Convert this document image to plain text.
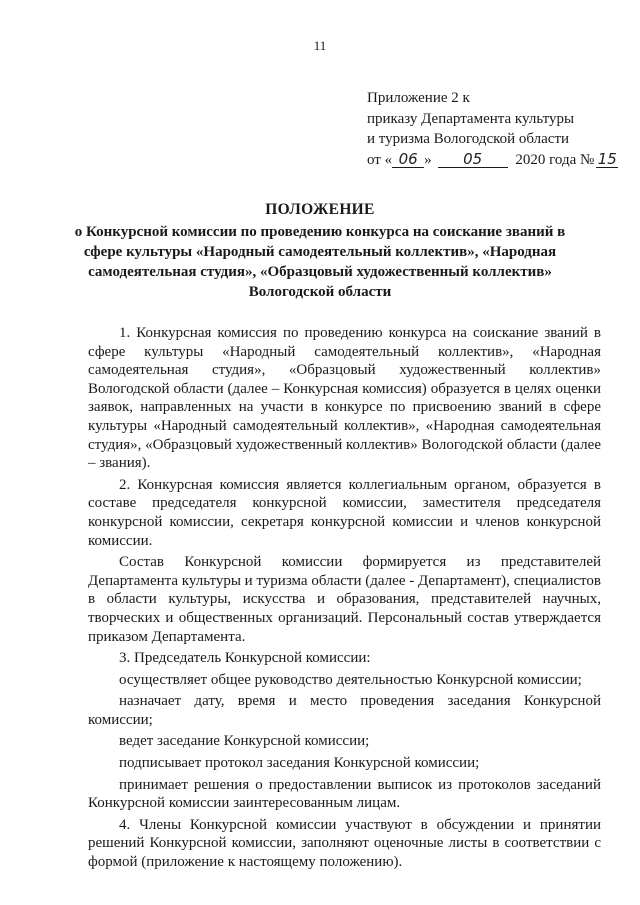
11
Приложение 2 к
приказу Департамента культуры
и туризма Вологодской области
от « 06 » 05 2020 года № 15
ПОЛОЖЕНИЕ
о Конкурсной комиссии по проведению конкурса на соискание званий в
сфере культуры «Народный самодеятельный коллектив», «Народная
самодеятельная студия», «Образцовый художественный коллектив»
Вологодской области

1. Конкурсная комиссия по проведению конкурса на соискание званий в сфере культуры «Народный самодеятельный коллектив», «Народная самодеятельная студия», «Образцовый художественный коллектив» Вологодской области (далее – Конкурсная комиссия) образуется в целях оценки заявок, направленных на участи в конкурсе по присвоению званий в сфере культуры «Народный самодеятельный коллектив», «Народная самодеятельная студия», «Образцовый художественный коллектив» Вологодской области (далее – звания).

2. Конкурсная комиссия является коллегиальным органом, образуется в составе председателя конкурсной комиссии, заместителя председателя конкурсной комиссии, секретаря конкурсной комиссии и членов конкурсной комиссии.

Состав Конкурсной комиссии формируется из представителей Департамента культуры и туризма области (далее - Департамент), специалистов в области культуры, искусства и образования, представителей научных, творческих и общественных организаций. Персональный состав утверждается приказом Департамента.

3. Председатель Конкурсной комиссии:

осуществляет общее руководство деятельностью Конкурсной комиссии;

назначает дату, время и место проведения заседания Конкурсной комиссии;

ведет заседание Конкурсной комиссии;

подписывает протокол заседания Конкурсной комиссии;

принимает решения о предоставлении выписок из протоколов заседаний Конкурсной комиссии заинтересованным лицам.

4. Члены Конкурсной комиссии участвуют в обсуждении и принятии решений Конкурсной комиссии, заполняют оценочные листы в соответствии с формой (приложение к настоящему положению).
